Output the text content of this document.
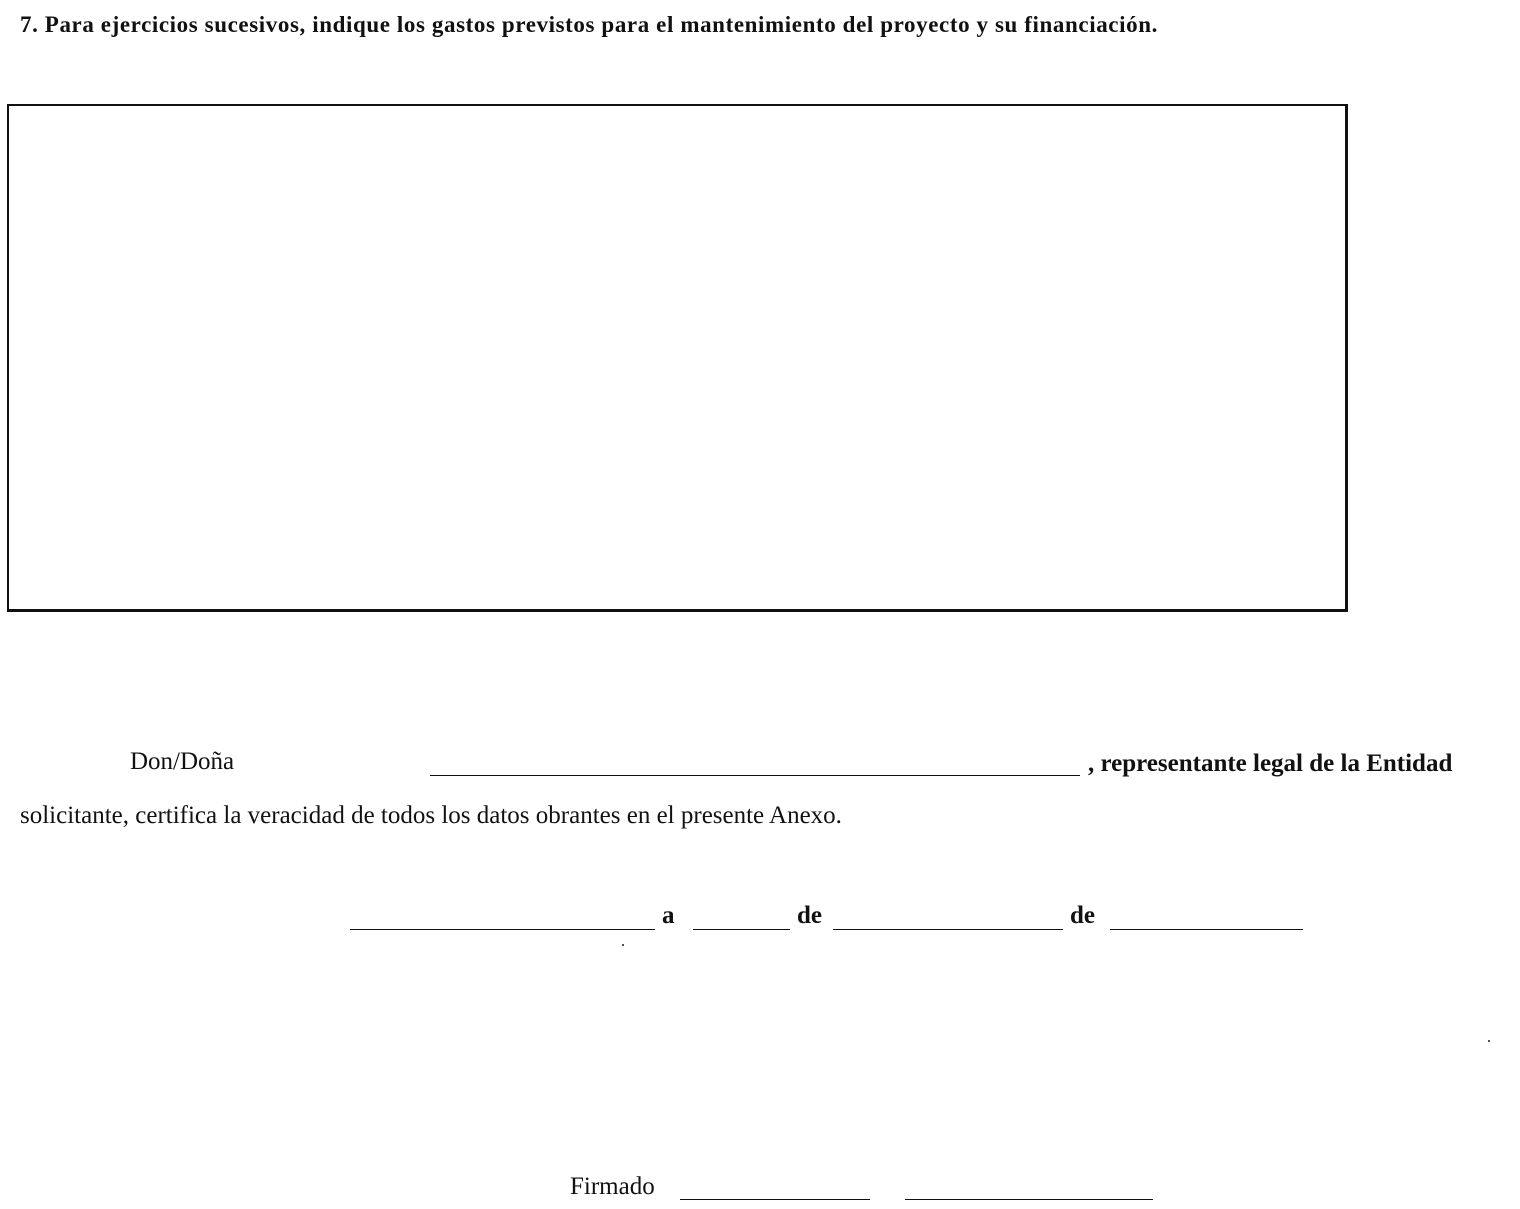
7. Para ejercicios sucesivos, indique los gastos previstos para el mantenimiento del proyecto y su financiación.
Don/Doña	, representante legal de la Entidad
solicitante, certifica la veracidad de todos los datos obrantes en el presente Anexo.
a	de	de
Firmado
